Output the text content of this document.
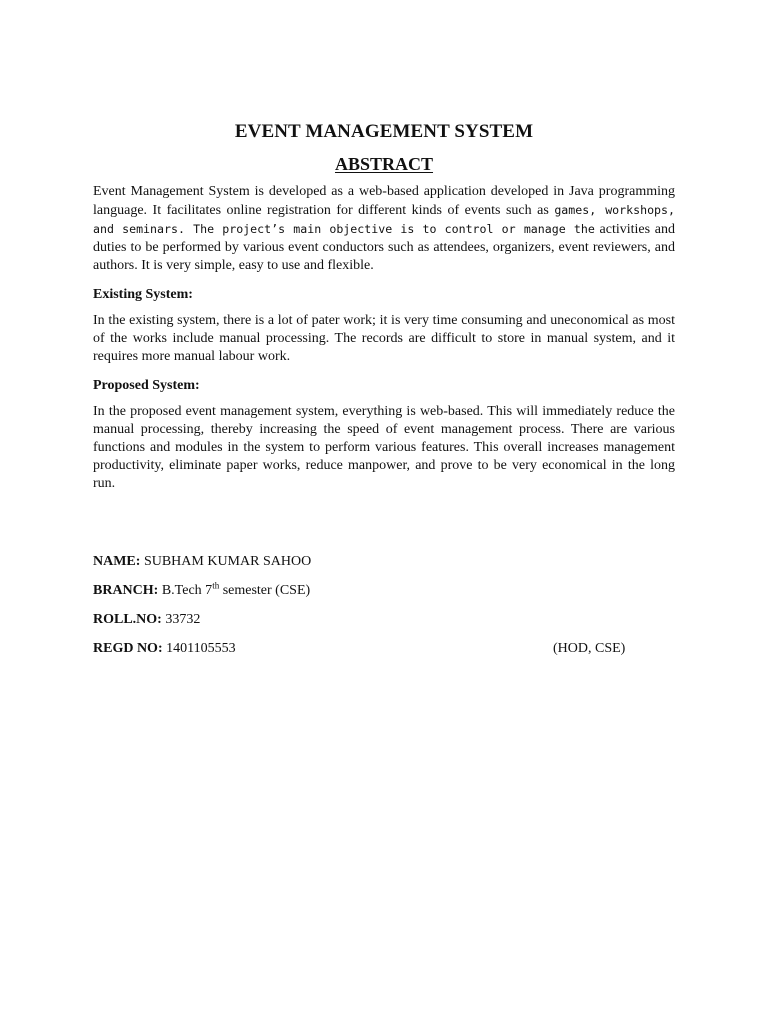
EVENT MANAGEMENT SYSTEM
ABSTRACT

Event Management System is developed as a web-based application developed in Java programming language. It facilitates online registration for different kinds of events such as games, workshops, and seminars. The project’s main objective is to control or manage the activities and duties to be performed by various event conductors such as attendees, organizers, event reviewers, and authors. It is very simple, easy to use and flexible.

Existing System:

In the existing system, there is a lot of pater work; it is very time consuming and uneconomical as most of the works include manual processing. The records are difficult to store in manual system, and it requires more manual labour work.

Proposed System:

In the proposed event management system, everything is web-based. This will immediately reduce the manual processing, thereby increasing the speed of event management process. There are various functions and modules in the system to perform various features. This overall increases management productivity, eliminate paper works, reduce manpower, and prove to be very economical in the long run.

NAME: SUBHAM KUMAR SAHOO
BRANCH: B.Tech 7th semester (CSE)
ROLL.NO: 33732
REGD NO: 1401105553	(HOD, CSE)
